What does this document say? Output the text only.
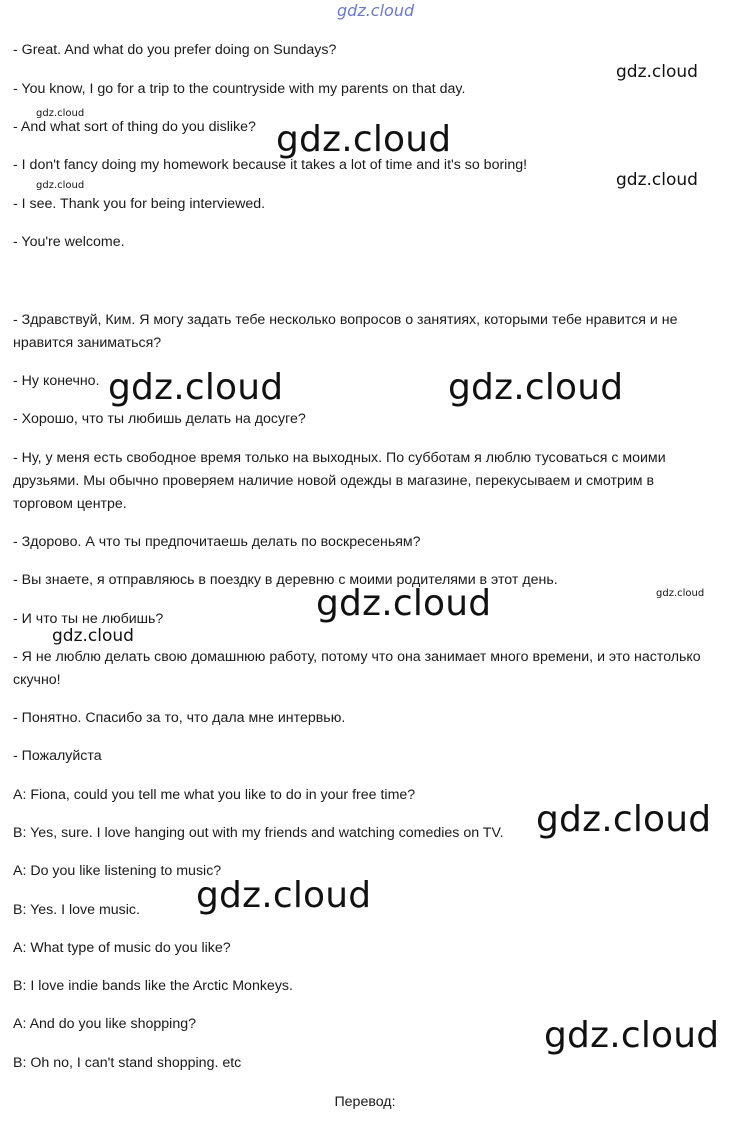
gdz.cloud
- Great. And what do you prefer doing on Sundays?
- You know, I go for a trip to the countryside with my parents on that day.
- And what sort of thing do you dislike?
- I don't fancy doing my homework because it takes a lot of time and it's so boring!
- I see. Thank you for being interviewed.
- You're welcome.
- Здравствуй, Ким. Я могу задать тебе несколько вопросов о занятиях, которыми тебе нравится и не нравится заниматься?
- Ну конечно.
- Хорошо, что ты любишь делать на досуге?
- Ну, у меня есть свободное время только на выходных. По субботам я люблю тусоваться с моими друзьями. Мы обычно проверяем наличие новой одежды в магазине, перекусываем и смотрим в торговом центре.
- Здорово. А что ты предпочитаешь делать по воскресеньям?
- Вы знаете, я отправляюсь в поездку в деревню с моими родителями в этот день.
- И что ты не любишь?
- Я не люблю делать свою домашнюю работу, потому что она занимает много времени, и это настолько скучно!
- Понятно. Спасибо за то, что дала мне интервью.
- Пожалуйста
A: Fiona, could you tell me what you like to do in your free time?
B: Yes, sure. I love hanging out with my friends and watching comedies on TV.
A: Do you like listening to music?
B: Yes. I love music.
A: What type of music do you like?
B: I love indie bands like the Arctic Monkeys.
A: And do you like shopping?
B: Oh no, I can't stand shopping. etc
Перевод:
gdz.cloud
gdz.cloud
gdz.cloud
gdz.cloud
gdz.cloud
gdz.cloud	gdz.cloud
gdz.cloud	gdz.cloud
gdz.cloud
gdz.cloud
gdz.cloud
gdz.cloud
